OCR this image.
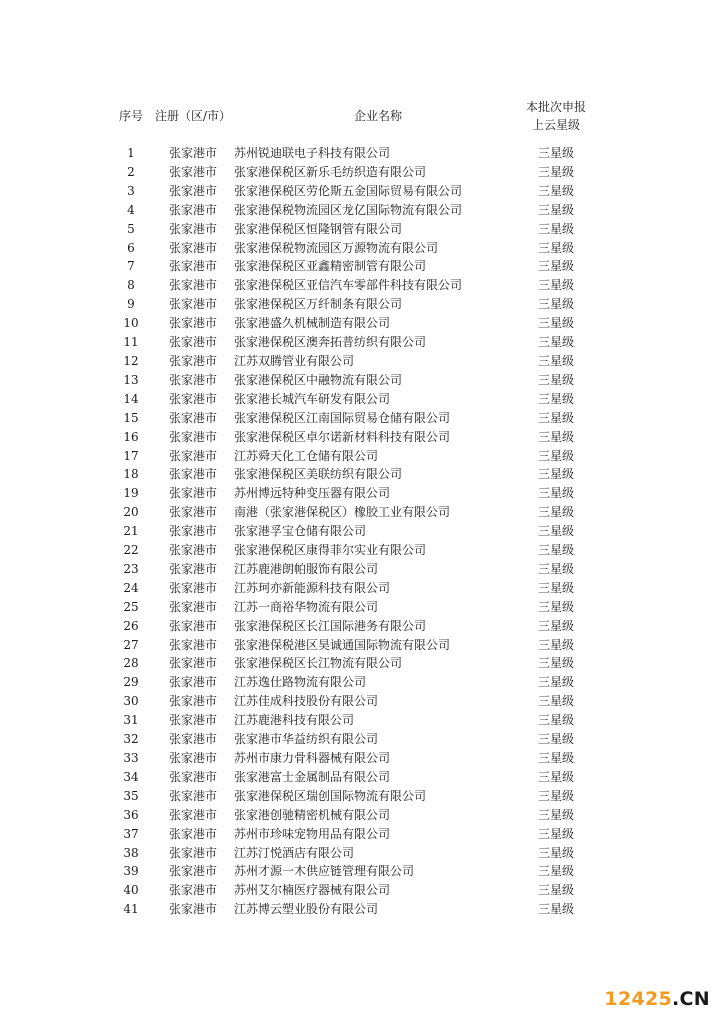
序号	注册（区/市）	企业名称	本批次申报上云星级
1	张家港市	苏州锐迪联电子科技有限公司	三星级
2	张家港市	张家港保税区新乐毛纺织造有限公司	三星级
3	张家港市	张家港保税区劳伦斯五金国际贸易有限公司	三星级
4	张家港市	张家港保税物流园区龙亿国际物流有限公司	三星级
5	张家港市	张家港保税区恒隆钢管有限公司	三星级
6	张家港市	张家港保税物流园区万源物流有限公司	三星级
7	张家港市	张家港保税区亚鑫精密制管有限公司	三星级
8	张家港市	张家港保税区亚信汽车零部件科技有限公司	三星级
9	张家港市	张家港保税区万纤制条有限公司	三星级
10	张家港市	张家港盛久机械制造有限公司	三星级
11	张家港市	张家港保税区澳奔拓普纺织有限公司	三星级
12	张家港市	江苏双腾管业有限公司	三星级
13	张家港市	张家港保税区中融物流有限公司	三星级
14	张家港市	张家港长城汽车研发有限公司	三星级
15	张家港市	张家港保税区江南国际贸易仓储有限公司	三星级
16	张家港市	张家港保税区卓尔诺新材料科技有限公司	三星级
17	张家港市	江苏舜天化工仓储有限公司	三星级
18	张家港市	张家港保税区美联纺织有限公司	三星级
19	张家港市	苏州博远特种变压器有限公司	三星级
20	张家港市	南港（张家港保税区）橡胶工业有限公司	三星级
21	张家港市	张家港孚宝仓储有限公司	三星级
22	张家港市	张家港保税区康得菲尔实业有限公司	三星级
23	张家港市	江苏鹿港朗帕服饰有限公司	三星级
24	张家港市	江苏珂亦新能源科技有限公司	三星级
25	张家港市	江苏一商裕华物流有限公司	三星级
26	张家港市	张家港保税区长江国际港务有限公司	三星级
27	张家港市	张家港保税港区昊诚通国际物流有限公司	三星级
28	张家港市	张家港保税区长江物流有限公司	三星级
29	张家港市	江苏逸仕路物流有限公司	三星级
30	张家港市	江苏佳成科技股份有限公司	三星级
31	张家港市	江苏鹿港科技有限公司	三星级
32	张家港市	张家港市华益纺织有限公司	三星级
33	张家港市	苏州市康力骨科器械有限公司	三星级
34	张家港市	张家港富士金属制品有限公司	三星级
35	张家港市	张家港保税区瑞创国际物流有限公司	三星级
36	张家港市	张家港创驰精密机械有限公司	三星级
37	张家港市	苏州市珍味宠物用品有限公司	三星级
38	张家港市	江苏汀悦酒店有限公司	三星级
39	张家港市	苏州才源一木供应链管理有限公司	三星级
40	张家港市	苏州艾尔楠医疗器械有限公司	三星级
41	张家港市	江苏博云塑业股份有限公司	三星级
12425.CN
